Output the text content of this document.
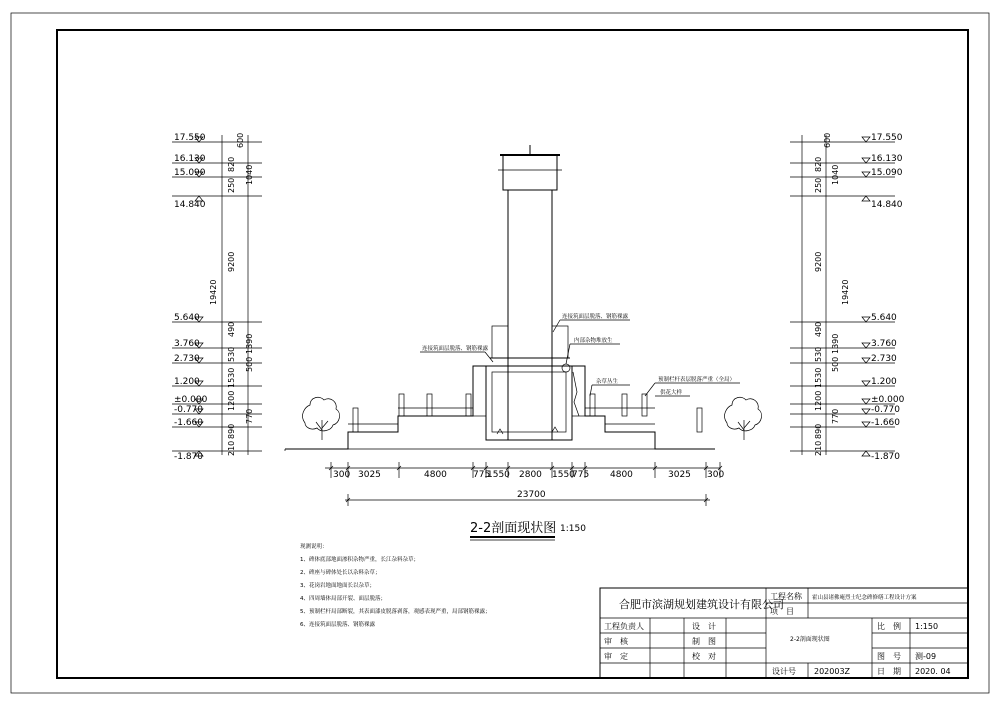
17.550
16.130
15.090
14.840
5.640
3.760
2.730
1.200
±0.000
-0.770
-1.660
-1.870
600
820
1040
250
9200
19420
490
1390
530
500
1530
1200
770
890
210
17.550
16.130
15.090
14.840
5.640
3.760
2.730
1.200
±0.000
-0.770
-1.660
-1.870
600
820
1040
250
9200
19420
490
1390
530
500
1530
1200
770
890
210
连接筑面层脱落、钢筋裸露
连接筑面层脱落、钢筋裸露
内部杂物堆放生
杂草丛生	预制栏杆表层脱落严重（全局）
供花大样
300 3025	4800	775
1550 2800 1550
775 4800	3025 300
23700
2-2剖面现状图 1:150
现测说明：
1、碑体底部地面渗积杂物严重，长江杂料杂草；
2、碑座与碑体处长以杂料杂草；
3、花岗岩地面地面长以杂草；
4、四周墙体局部开裂、面层脱落；
5、预制栏杆局部断裂，其表面漆皮脱落剥落，观感表现严重，局部钢筋裸露；
6、连接筑面层脱落、钢筋裸露
合肥市滨湖规划建筑设计有限公司
工程名称 霍山县诸佛庵烈士纪念碑修缮工程设计方案
项　目
2-2剖面现状图
工程负责人	设　计
审　核	制　图
审　定	校　对
比　例 1:150
图　号 测-09
设计号 202003Z	日　期 2020. 04
